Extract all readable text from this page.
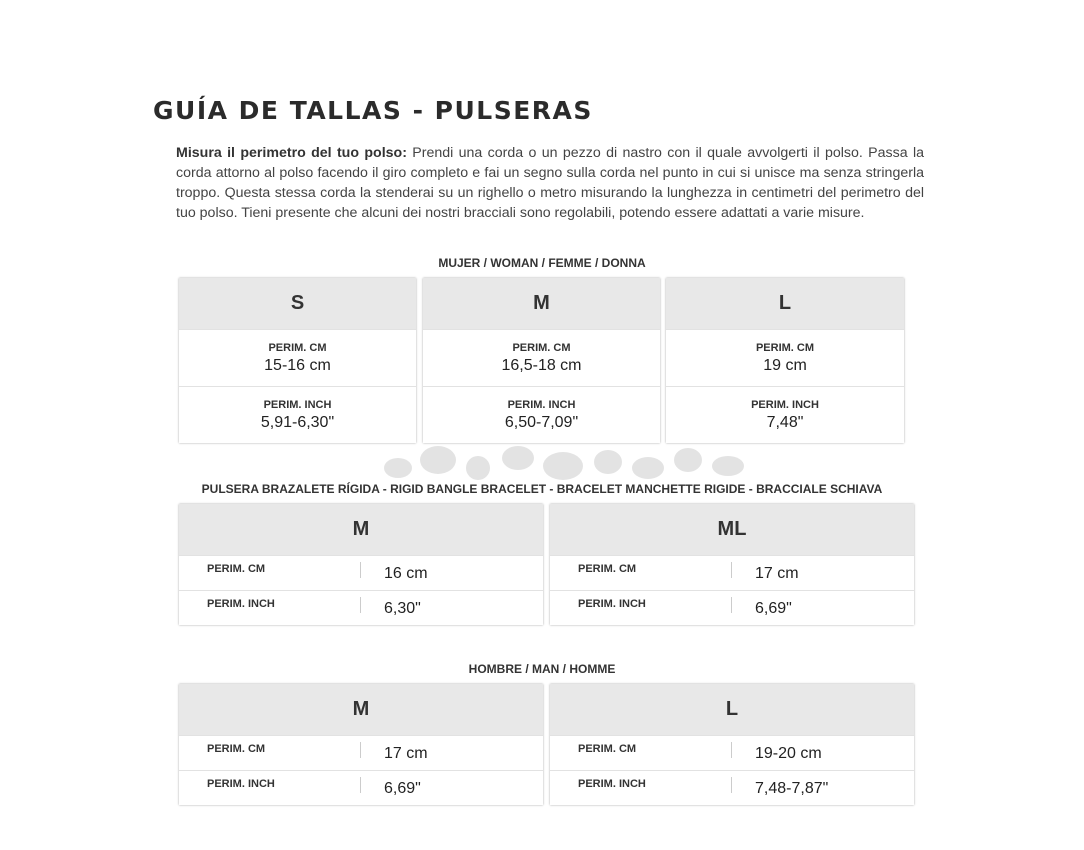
GUÍA DE TALLAS - PULSERAS

Misura il perimetro del tuo polso: Prendi una corda o un pezzo di nastro con il quale avvolgerti il polso. Passa la corda attorno al polso facendo il giro completo e fai un segno sulla corda nel punto in cui si unisce ma senza stringerla troppo. Questa stessa corda la stenderai su un righello o metro misurando la lunghezza in centimetri del perimetro del tuo polso. Tieni presente che alcuni dei nostri bracciali sono regolabili, potendo essere adattati a varie misure.

MUJER / WOMAN / FEMME / DONNA
S
PERIM. CM
15-16 cm
PERIM. INCH
5,91-6,30"
M
PERIM. CM
16,5-18 cm
PERIM. INCH
6,50-7,09"
L
PERIM. CM
19 cm
PERIM. INCH
7,48"
PULSERA BRAZALETE RÍGIDA - RIGID BANGLE BRACELET - BRACELET MANCHETTE RIGIDE - BRACCIALE SCHIAVA
M
PERIM. CM	16 cm
PERIM. INCH	6,30"
ML
PERIM. CM	17 cm
PERIM. INCH	6,69"
HOMBRE / MAN / HOMME
M
PERIM. CM	17 cm
PERIM. INCH	6,69"
L
PERIM. CM	19-20 cm
PERIM. INCH	7,48-7,87"
